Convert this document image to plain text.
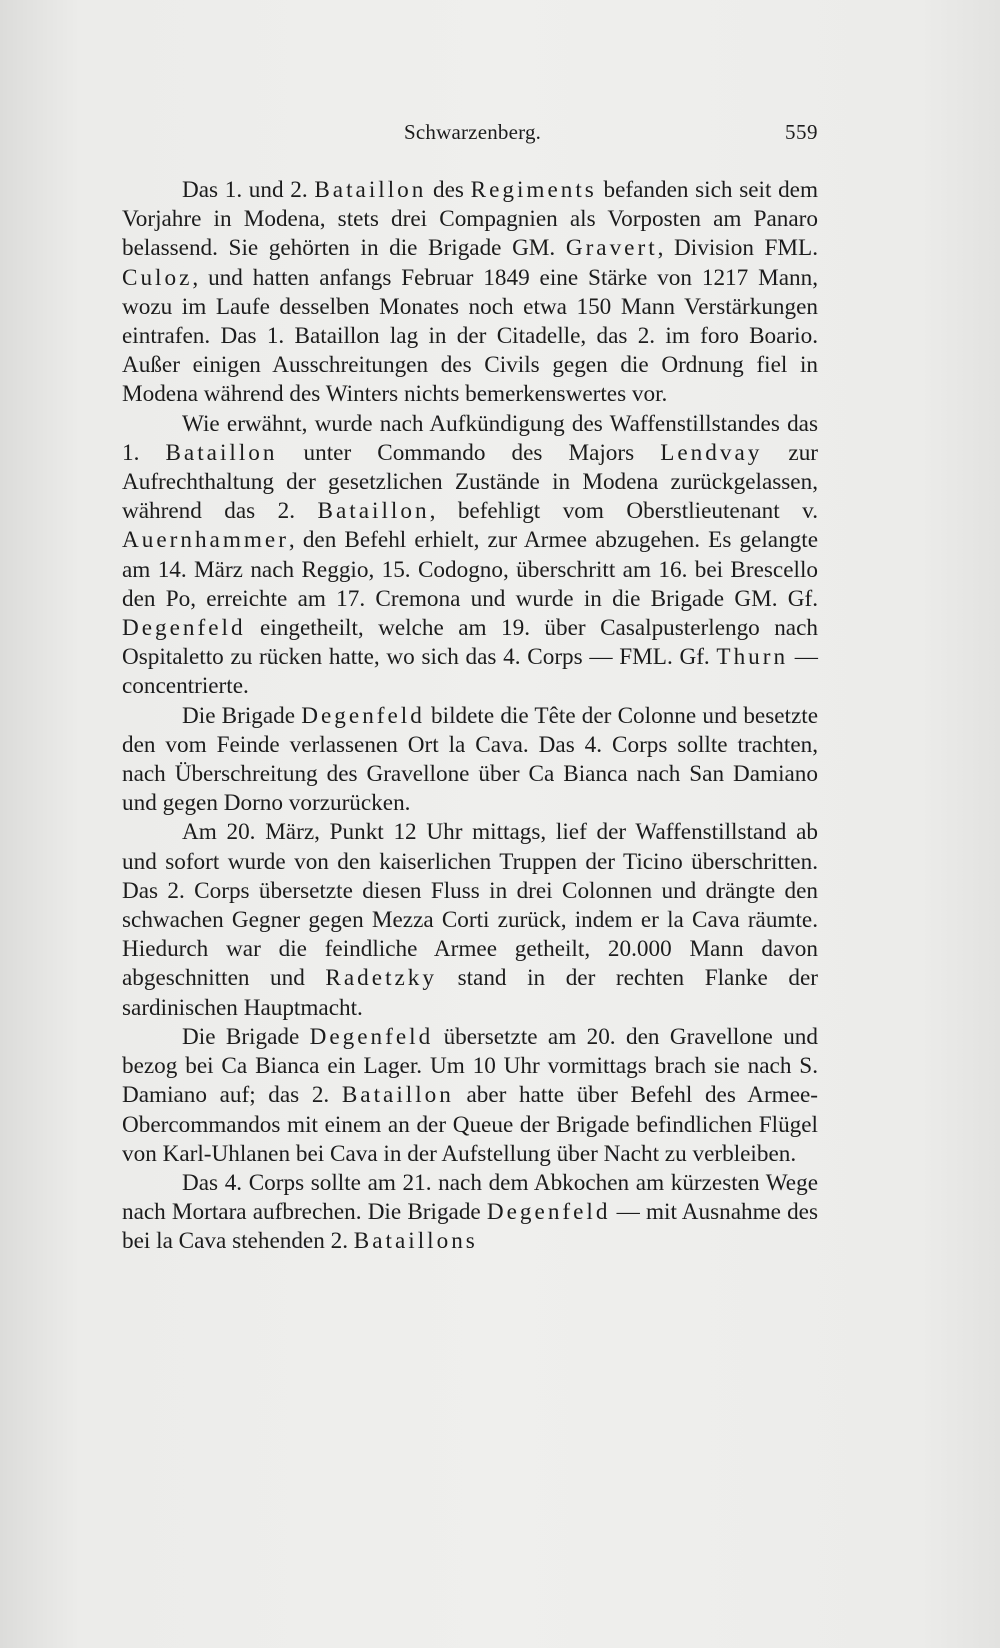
Schwarzenberg.	559

Das 1. und 2. Bataillon des Regiments befanden sich seit dem Vorjahre in Modena, stets drei Compagnien als Vorposten am Panaro belassend. Sie gehörten in die Brigade GM. Gravert, Division FML. Culoz, und hatten anfangs Februar 1849 eine Stärke von 1217 Mann, wozu im Laufe desselben Monates noch etwa 150 Mann Verstärkungen eintrafen. Das 1. Bataillon lag in der Citadelle, das 2. im foro Boario. Außer einigen Ausschreitungen des Civils gegen die Ordnung fiel in Modena während des Winters nichts bemerkenswertes vor.

Wie erwähnt, wurde nach Aufkündigung des Waffenstillstandes das 1. Bataillon unter Commando des Majors Lendvay zur Aufrechthaltung der gesetzlichen Zustände in Modena zurückgelassen, während das 2. Bataillon, befehligt vom Oberstlieutenant v. Auernhammer, den Befehl erhielt, zur Armee abzugehen. Es gelangte am 14. März nach Reggio, 15. Codogno, überschritt am 16. bei Brescello den Po, erreichte am 17. Cremona und wurde in die Brigade GM. Gf. Degenfeld eingetheilt, welche am 19. über Casalpusterlengo nach Ospitaletto zu rücken hatte, wo sich das 4. Corps — FML. Gf. Thurn — concentrierte.

Die Brigade Degenfeld bildete die Tête der Colonne und besetzte den vom Feinde verlassenen Ort la Cava. Das 4. Corps sollte trachten, nach Überschreitung des Gravellone über Ca Bianca nach San Damiano und gegen Dorno vorzurücken.

Am 20. März, Punkt 12 Uhr mittags, lief der Waffenstillstand ab und sofort wurde von den kaiserlichen Truppen der Ticino überschritten. Das 2. Corps übersetzte diesen Fluss in drei Colonnen und drängte den schwachen Gegner gegen Mezza Corti zurück, indem er la Cava räumte. Hiedurch war die feindliche Armee getheilt, 20.000 Mann davon abgeschnitten und Radetzky stand in der rechten Flanke der sardinischen Hauptmacht.

Die Brigade Degenfeld übersetzte am 20. den Gravellone und bezog bei Ca Bianca ein Lager. Um 10 Uhr vormittags brach sie nach S. Damiano auf; das 2. Bataillon aber hatte über Befehl des Armee-Obercommandos mit einem an der Queue der Brigade befindlichen Flügel von Karl-Uhlanen bei Cava in der Aufstellung über Nacht zu verbleiben.

Das 4. Corps sollte am 21. nach dem Abkochen am kürzesten Wege nach Mortara aufbrechen. Die Brigade Degenfeld — mit Ausnahme des bei la Cava stehenden 2. Bataillons
